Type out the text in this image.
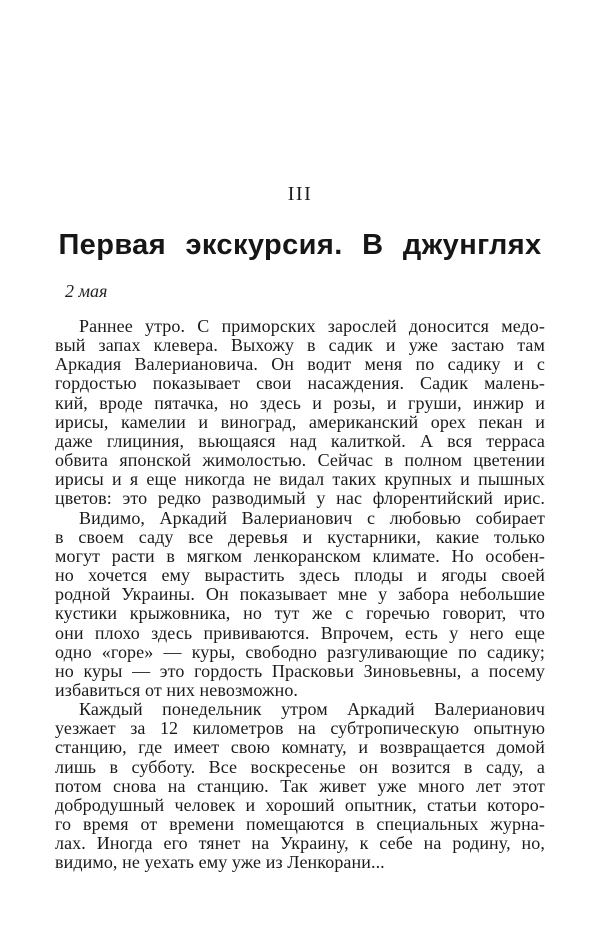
III
Первая экскурсия. В джунглях
2 мая
Раннее утро. С приморских зарослей доносится медо-
вый запах клевера. Выхожу в садик и уже застаю там
Аркадия Валериановича. Он водит меня по садику и с
гордостью показывает свои насаждения. Садик малень-
кий, вроде пятачка, но здесь и розы, и груши, инжир и
ирисы, камелии и виноград, американский орех пекан и
даже глициния, вьющаяся над калиткой. А вся терраса
обвита японской жимолостью. Сейчас в полном цветении
ирисы и я еще никогда не видал таких крупных и пышных
цветов: это редко разводимый у нас флорентийский ирис.
Видимо, Аркадий Валерианович с любовью собирает
в своем саду все деревья и кустарники, какие только
могут расти в мягком ленкоранском климате. Но особен-
но хочется ему вырастить здесь плоды и ягоды своей
родной Украины. Он показывает мне у забора небольшие
кустики крыжовника, но тут же с горечью говорит, что
они плохо здесь прививаются. Впрочем, есть у него еще
одно «горе» — куры, свободно разгуливающие по садику;
но куры — это гордость Прасковьи Зиновьевны, а посему
избавиться от них невозможно.
Каждый понедельник утром Аркадий Валерианович
уезжает за 12 километров на субтропическую опытную
станцию, где имеет свою комнату, и возвращается домой
лишь в субботу. Все воскресенье он возится в саду, а
потом снова на станцию. Так живет уже много лет этот
добродушный человек и хороший опытник, статьи которо-
го время от времени помещаются в специальных журна-
лах. Иногда его тянет на Украину, к себе на родину, но,
видимо, не уехать ему уже из Ленкорани...
